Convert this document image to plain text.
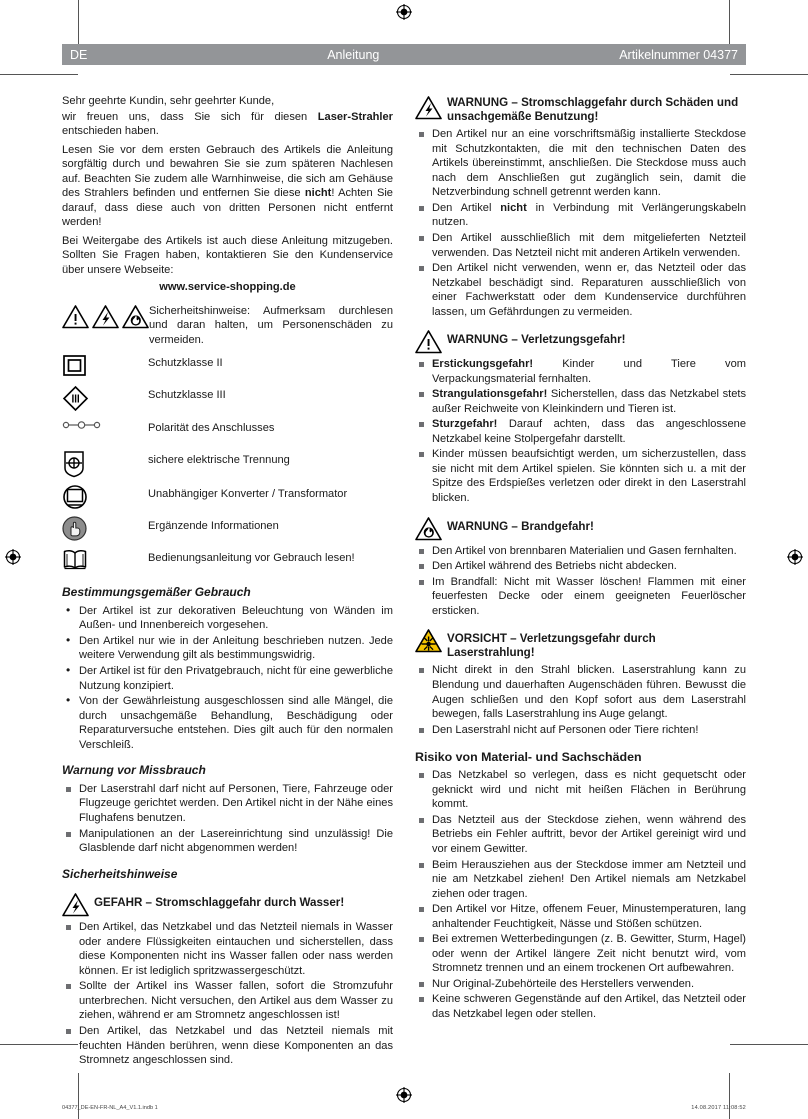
DE	Anleitung	Artikelnummer 04377

Sehr geehrte Kundin, sehr geehrter Kunde,

wir freuen uns, dass Sie sich für diesen Laser-Strahler entschieden haben.

Lesen Sie vor dem ersten Gebrauch des Artikels die Anleitung sorgfältig durch und bewahren Sie sie zum späteren Nachlesen auf. Beachten Sie zudem alle Warnhinweise, die sich am Gehäuse des Strahlers befinden und entfernen Sie diese nicht! Achten Sie darauf, dass diese auch von dritten Personen nicht entfernt werden!

Bei Weitergabe des Artikels ist auch diese Anleitung mitzugeben. Sollten Sie Fragen haben, kontaktieren Sie den Kundenservice über unsere Webseite:

www.service-shopping.de

Sicherheitshinweise: Aufmerksam durchlesen und daran halten, um Personenschäden zu vermeiden.
Schutzklasse II
Schutzklasse III
Polarität des Anschlusses
sichere elektrische Trennung
Unabhängiger Konverter / Transformator
Ergänzende Informationen
Bedienungsanleitung vor Gebrauch lesen!
Bestimmungsgemäßer Gebrauch
• Der Artikel ist zur dekorativen Beleuchtung von Wänden im Außen- und Innenbereich vorgesehen.
• Den Artikel nur wie in der Anleitung beschrieben nutzen. Jede weitere Verwendung gilt als bestimmungswidrig.
• Der Artikel ist für den Privatgebrauch, nicht für eine gewerbliche Nutzung konzipiert.
• Von der Gewährleistung ausgeschlossen sind alle Mängel, die durch unsachgemäße Behandlung, Beschädigung oder Reparaturversuche entstehen. Dies gilt auch für den normalen Verschleiß.
Warnung vor Missbrauch
Der Laserstrahl darf nicht auf Personen, Tiere, Fahrzeuge oder Flugzeuge gerichtet werden. Den Artikel nicht in der Nähe eines Flughafens benutzen.
Manipulationen an der Lasereinrichtung sind unzulässig! Die Glasblende darf nicht abgenommen werden!
Sicherheitshinweise
GEFAHR – Stromschlaggefahr durch Wasser!
Den Artikel, das Netzkabel und das Netzteil niemals in Wasser oder andere Flüssigkeiten eintauchen und sicherstellen, dass diese Komponenten nicht ins Wasser fallen oder nass werden können. Er ist lediglich spritzwassergeschützt.
Sollte der Artikel ins Wasser fallen, sofort die Stromzufuhr unterbrechen. Nicht versuchen, den Artikel aus dem Wasser zu ziehen, während er am Stromnetz angeschlossen ist!
Den Artikel, das Netzkabel und das Netzteil niemals mit feuchten Händen berühren, wenn diese Komponenten an das Stromnetz angeschlossen sind.
WARNUNG – Stromschlaggefahr durch Schäden und unsachgemäße Benutzung!
Den Artikel nur an eine vorschriftsmäßig installierte Steckdose mit Schutzkontakten, die mit den technischen Daten des Artikels übereinstimmt, anschließen. Die Steckdose muss auch nach dem Anschließen gut zugänglich sein, damit die Netzverbindung schnell getrennt werden kann.
Den Artikel nicht in Verbindung mit Verlängerungskabeln nutzen.
Den Artikel ausschließlich mit dem mitgelieferten Netzteil verwenden. Das Netzteil nicht mit anderen Artikeln verwenden.
Den Artikel nicht verwenden, wenn er, das Netzteil oder das Netzkabel beschädigt sind. Reparaturen ausschließlich von einer Fachwerkstatt oder dem Kundenservice durchführen lassen, um Gefährdungen zu vermeiden.
WARNUNG – Verletzungsgefahr!
Erstickungsgefahr! Kinder und Tiere vom Verpackungsmaterial fernhalten.
Strangulationsgefahr! Sicherstellen, dass das Netzkabel stets außer Reichweite von Kleinkindern und Tieren ist.
Sturzgefahr! Darauf achten, dass das angeschlossene Netzkabel keine Stolpergefahr darstellt.
Kinder müssen beaufsichtigt werden, um sicherzustellen, dass sie nicht mit dem Artikel spielen. Sie könnten sich u. a mit der Spitze des Erdspießes verletzen oder direkt in den Laserstrahl blicken.
WARNUNG – Brandgefahr!
Den Artikel von brennbaren Materialien und Gasen fernhalten.
Den Artikel während des Betriebs nicht abdecken.
Im Brandfall: Nicht mit Wasser löschen! Flammen mit einer feuerfesten Decke oder einem geeigneten Feuerlöscher ersticken.
VORSICHT – Verletzungsgefahr durch Laserstrahlung!
Nicht direkt in den Strahl blicken. Laserstrahlung kann zu Blendung und dauerhaften Augenschäden führen. Bewusst die Augen schließen und den Kopf sofort aus dem Laserstrahl bewegen, falls Laserstrahlung ins Auge gelangt.
Den Laserstrahl nicht auf Personen oder Tiere richten!
Risiko von Material- und Sachschäden
Das Netzkabel so verlegen, dass es nicht gequetscht oder geknickt wird und nicht mit heißen Flächen in Berührung kommt.
Das Netzteil aus der Steckdose ziehen, wenn während des Betriebs ein Fehler auftritt, bevor der Artikel gereinigt wird und vor einem Gewitter.
Beim Herausziehen aus der Steckdose immer am Netzteil und nie am Netzkabel ziehen! Den Artikel niemals am Netzkabel ziehen oder tragen.
Den Artikel vor Hitze, offenem Feuer, Minustemperaturen, lang anhaltender Feuchtigkeit, Nässe und Stößen schützen.
Bei extremen Wetterbedingungen (z. B. Gewitter, Sturm, Hagel) oder wenn der Artikel längere Zeit nicht benutzt wird, vom Stromnetz trennen und an einem trockenen Ort aufbewahren.
Nur Original-Zubehörteile des Herstellers verwenden.
Keine schweren Gegenstände auf den Artikel, das Netzteil oder das Netzkabel legen oder stellen.
04377_DE-EN-FR-NL_A4_V1.1.indb 1	14.08.2017 11:08:52
